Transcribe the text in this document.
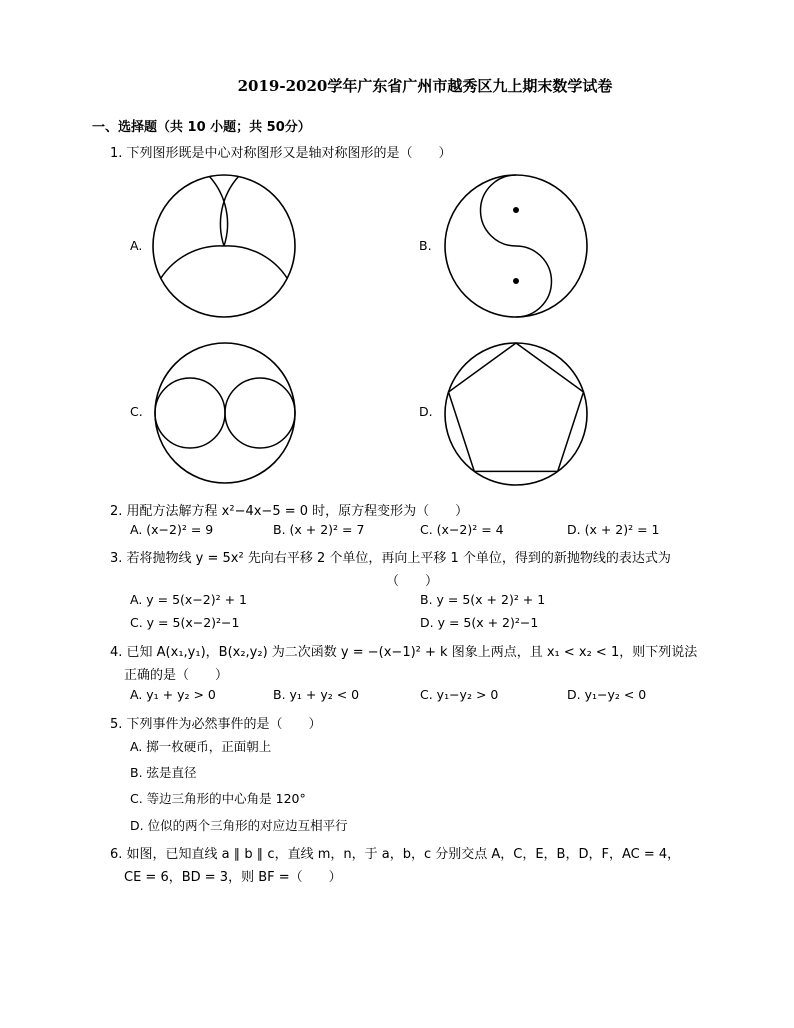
2019-2020学年广东省广州市越秀区九上期末数学试卷
一、选择题（共 10 小题；共 50分）
1. 下列图形既是中心对称图形又是轴对称图形的是（　　）
A.	B.
C.	D.
2. 用配方法解方程 x²−4x−5 = 0 时，原方程变形为（　　）
A. (x−2)² = 9	B. (x + 2)² = 7	C. (x−2)² = 4	D. (x + 2)² = 1
3. 若将抛物线 y = 5x² 先向右平移 2 个单位，再向上平移 1 个单位，得到的新抛物线的表达式为
（　　）
A. y = 5(x−2)² + 1	B. y = 5(x + 2)² + 1
C. y = 5(x−2)²−1	D. y = 5(x + 2)²−1
4. 已知 A(x₁,y₁)，B(x₂,y₂) 为二次函数 y = −(x−1)² + k 图象上两点，且 x₁ < x₂ < 1，则下列说法
正确的是（　　）
A. y₁ + y₂ > 0	B. y₁ + y₂ < 0	C. y₁−y₂ > 0	D. y₁−y₂ < 0
5. 下列事件为必然事件的是（　　）
A. 掷一枚硬币，正面朝上
B. 弦是直径
C. 等边三角形的中心角是 120°
D. 位似的两个三角形的对应边互相平行
6. 如图，已知直线 a ∥ b ∥ c，直线 m，n，于 a，b，c 分别交点 A，C，E，B，D，F，AC = 4，
CE = 6，BD = 3，则 BF =（　　）
